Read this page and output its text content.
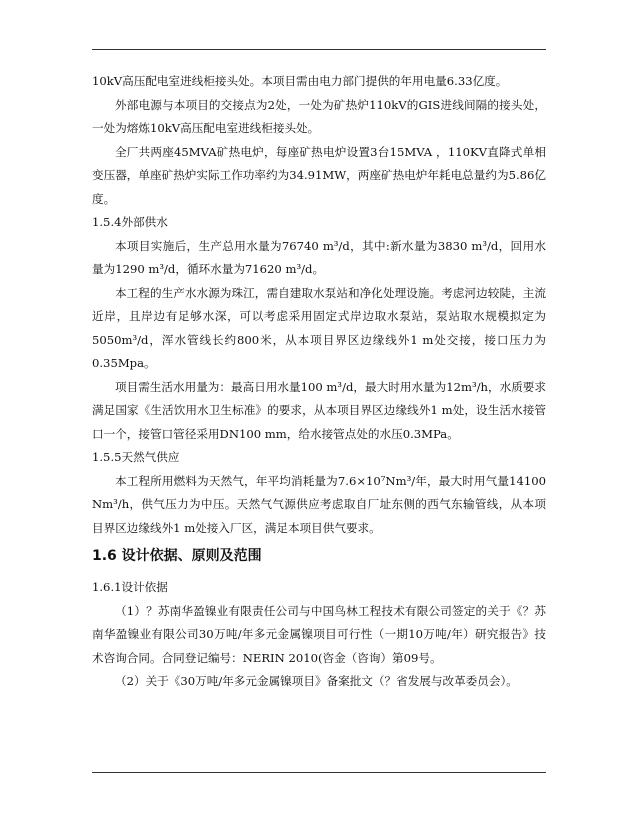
10kV高压配电室进线柜接头处。本项目需由电力部门提供的年用电量6.33亿度。

外部电源与本项目的交接点为2处，一处为矿热炉110kV的GIS进线间隔的接头处，一处为熔炼10kV高压配电室进线柜接头处。

全厂共两座45MVA矿热电炉，每座矿热电炉设置3台15MVA ，110KV直降式单相变压器，单座矿热炉实际工作功率约为34.91MW，两座矿热电炉年耗电总量约为5.86亿度。

1.5.4外部供水

本项目实施后，生产总用水量为76740 m³/d，其中:新水量为3830 m³/d，回用水量为1290 m³/d，循环水量为71620 m³/d。

本工程的生产水水源为珠江，需自建取水泵站和净化处理设施。考虑河边较陡，主流近岸，且岸边有足够水深，可以考虑采用固定式岸边取水泵站，泵站取水规模拟定为5050m³/d，浑水管线长约800米，从本项目界区边缘线外1 m处交接，接口压力为0.35Mpa。

项目需生活水用量为：最高日用水量100 m³/d，最大时用水量为12m³/h，水质要求满足国家《生活饮用水卫生标准》的要求，从本项目界区边缘线外1 m处，设生活水接管口一个，接管口管径采用DN100 mm，给水接管点处的水压0.3MPa。

1.5.5天然气供应

本工程所用燃料为天然气，年平均消耗量为7.6×10⁷Nm³/年，最大时用气量14100 Nm³/h，供气压力为中压。天然气气源供应考虑取自厂址东侧的西气东输管线，从本项目界区边缘线外1 m处接入厂区，满足本项目供气要求。

1.6 设计依据、原则及范围

1.6.1设计依据

（1）？苏南华盈镍业有限责任公司与中国鸟林工程技术有限公司签定的关于《？苏南华盈镍业有限公司30万吨/年多元金属镍项目可行性（一期10万吨/年）研究报告》技术咨询合同。合同登记编号：NERIN 2010(咨金（咨询）第09号。

（2）关于《30万吨/年多元金属镍项目》备案批文（？省发展与改革委员会）。
